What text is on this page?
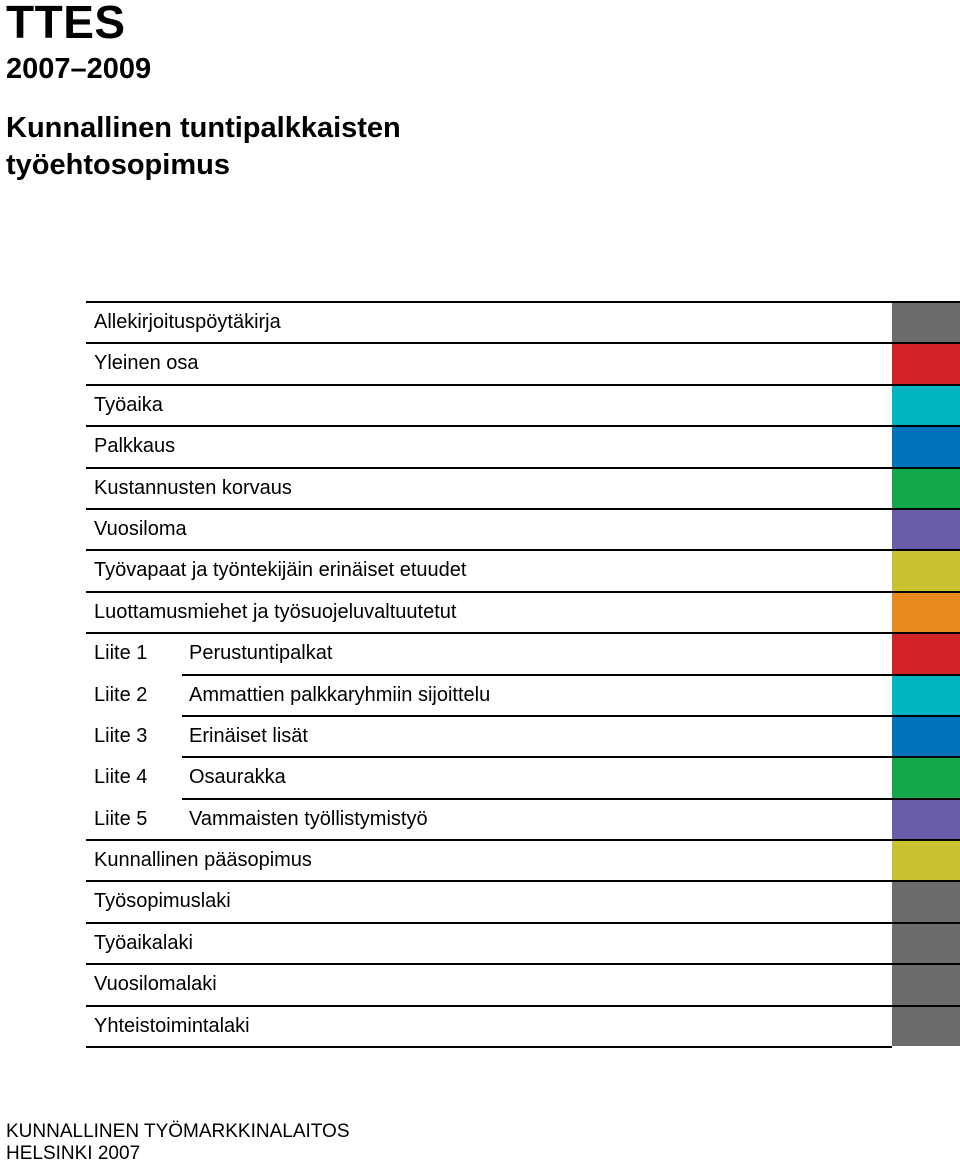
TTES
2007–2009
Kunnallinen tuntipalkkaisten
työehtosopimus
Allekirjoituspöytäkirja
Yleinen osa
Työaika
Palkkaus
Kustannusten korvaus
Vuosiloma
Työvapaat ja työntekijäin erinäiset etuudet
Luottamusmiehet ja työsuojeluvaltuutetut
Liite 1 Perustuntipalkat
Liite 2 Ammattien palkkaryhmiin sijoittelu
Liite 3 Erinäiset lisät
Liite 4 Osaurakka
Liite 5 Vammaisten työllistymistyö
Kunnallinen pääsopimus
Työsopimuslaki
Työaikalaki
Vuosilomalaki
Yhteistoimintalaki
KUNNALLINEN TYÖMARKKINALAITOS
HELSINKI 2007
